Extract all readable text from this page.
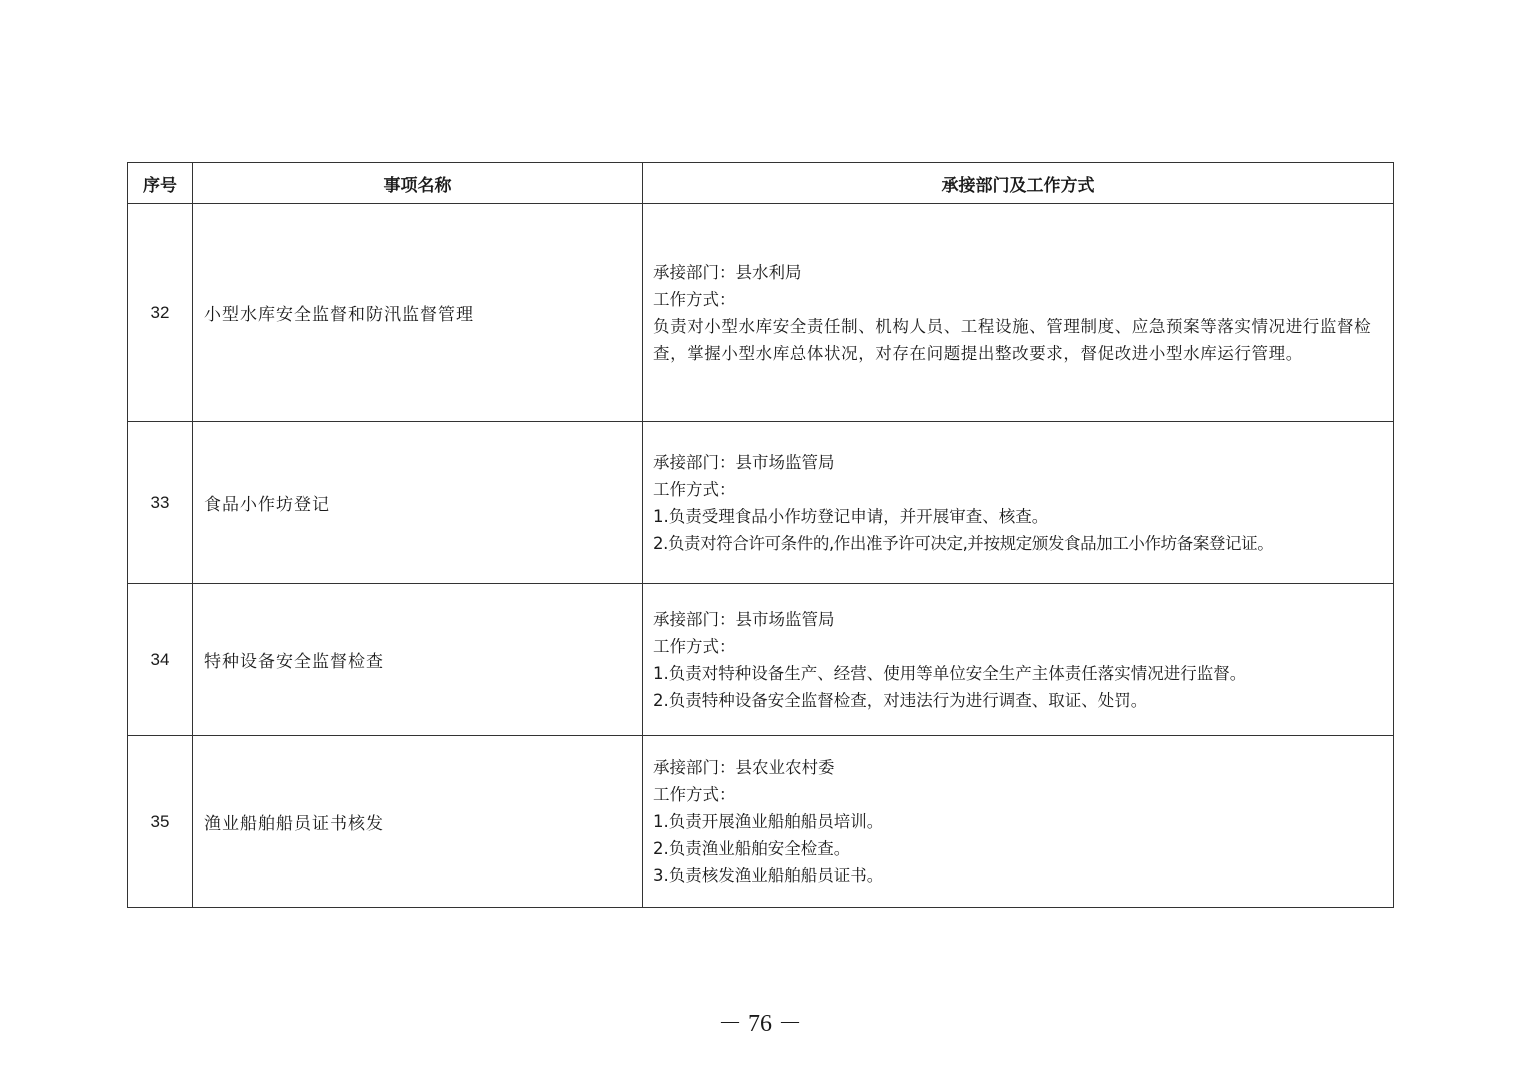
序号	事项名称	承接部门及工作方式
32	小型水库安全监督和防汛监督管理	承接部门：县水利局
工作方式：
负责对小型水库安全责任制、机构人员、工程设施、管理制度、应急预案等落实情况进行监督检查，掌握小型水库总体状况，对存在问题提出整改要求，督促改进小型水库运行管理。

33	食品小作坊登记	承接部门：县市场监管局
工作方式：
1.负责受理食品小作坊登记申请，并开展审查、核查。
2.负责对符合许可条件的,作出准予许可决定,并按规定颁发食品加工小作坊备案登记证。

34	特种设备安全监督检查	承接部门：县市场监管局
工作方式：
1.负责对特种设备生产、经营、使用等单位安全生产主体责任落实情况进行监督。
2.负责特种设备安全监督检查，对违法行为进行调查、取证、处罚。

35	渔业船舶船员证书核发	承接部门：县农业农村委
工作方式：
1.负责开展渔业船舶船员培训。
2.负责渔业船舶安全检查。
3.负责核发渔业船舶船员证书。
－ 76 －
